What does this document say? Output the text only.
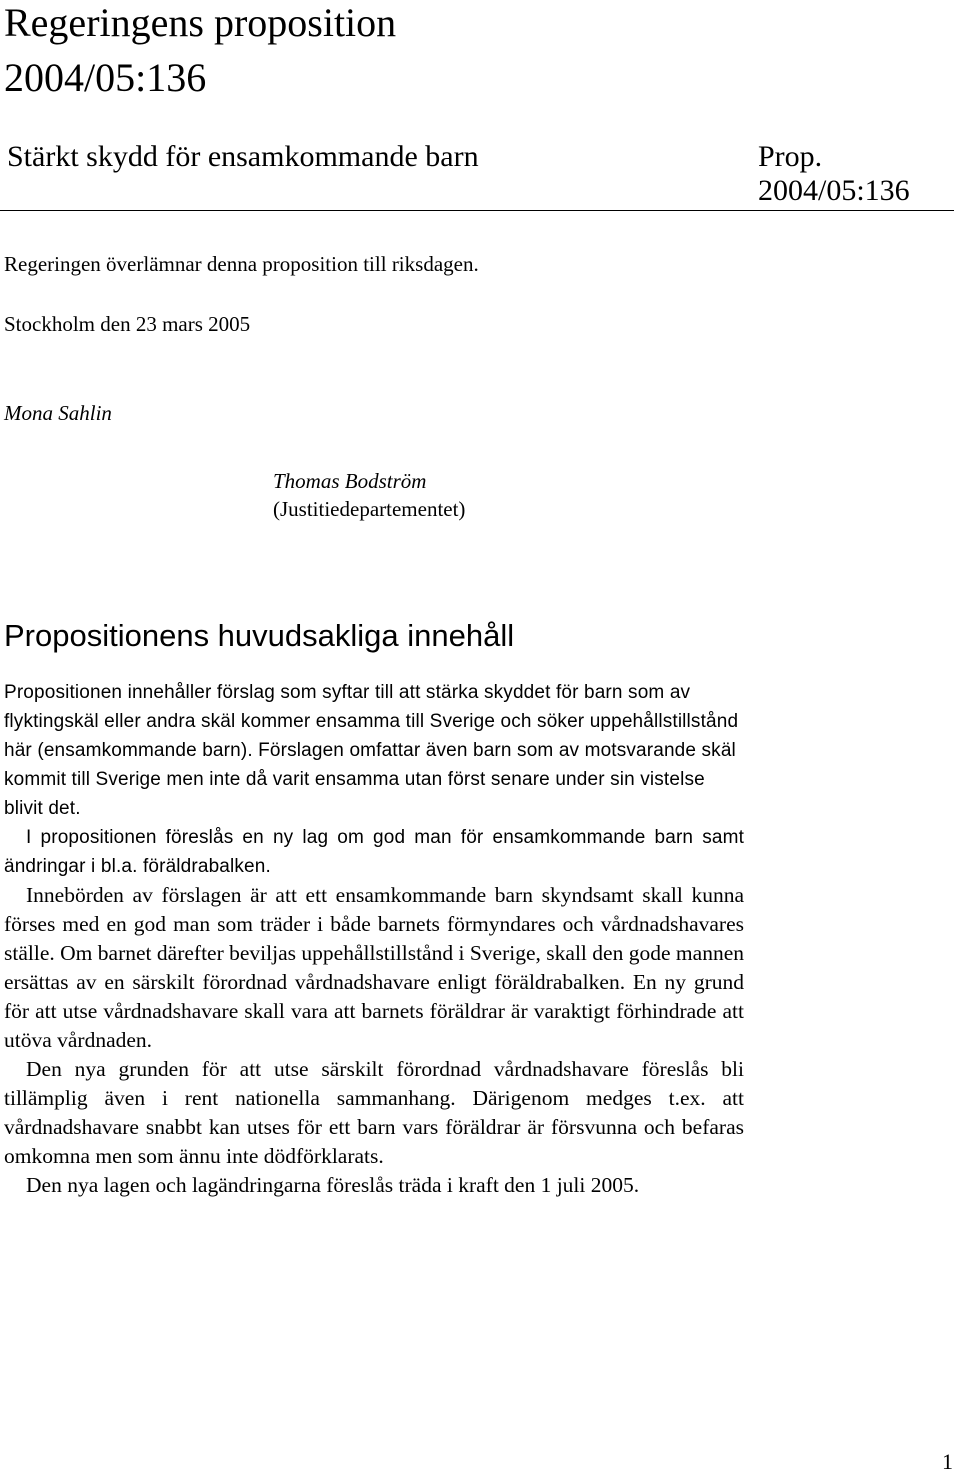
Regeringens proposition
2004/05:136
Stärkt skydd för ensamkommande barn	Prop.
2004/05:136
Regeringen överlämnar denna proposition till riksdagen.
Stockholm den 23 mars 2005
Mona Sahlin
Thomas Bodström
(Justitiedepartementet)
Propositionens huvudsakliga innehåll

Propositionen innehåller förslag som syftar till att stärka skyddet för barn som av flyktingskäl eller andra skäl kommer ensamma till Sverige och söker uppehållstillstånd här (ensamkommande barn). Förslagen omfattar även barn som av motsvarande skäl kommit till Sverige men inte då varit ensamma utan först senare under sin vistelse blivit det.

I propositionen föreslås en ny lag om god man för ensamkommande barn samt ändringar i bl.a. föräldrabalken.

Innebörden av förslagen är att ett ensamkommande barn skyndsamt skall kunna förses med en god man som träder i både barnets förmyndares och vårdnadshavares ställe. Om barnet därefter beviljas uppehållstillstånd i Sverige, skall den gode mannen ersättas av en särskilt förordnad vårdnadshavare enligt föräldrabalken. En ny grund för att utse vårdnadshavare skall vara att barnets föräldrar är varaktigt förhindrade att utöva vårdnaden.

Den nya grunden för att utse särskilt förordnad vårdnadshavare föreslås bli tillämplig även i rent nationella sammanhang. Därigenom medges t.ex. att vårdnadshavare snabbt kan utses för ett barn vars föräldrar är försvunna och befaras omkomna men som ännu inte dödförklarats.

Den nya lagen och lagändringarna föreslås träda i kraft den 1 juli 2005.

1
